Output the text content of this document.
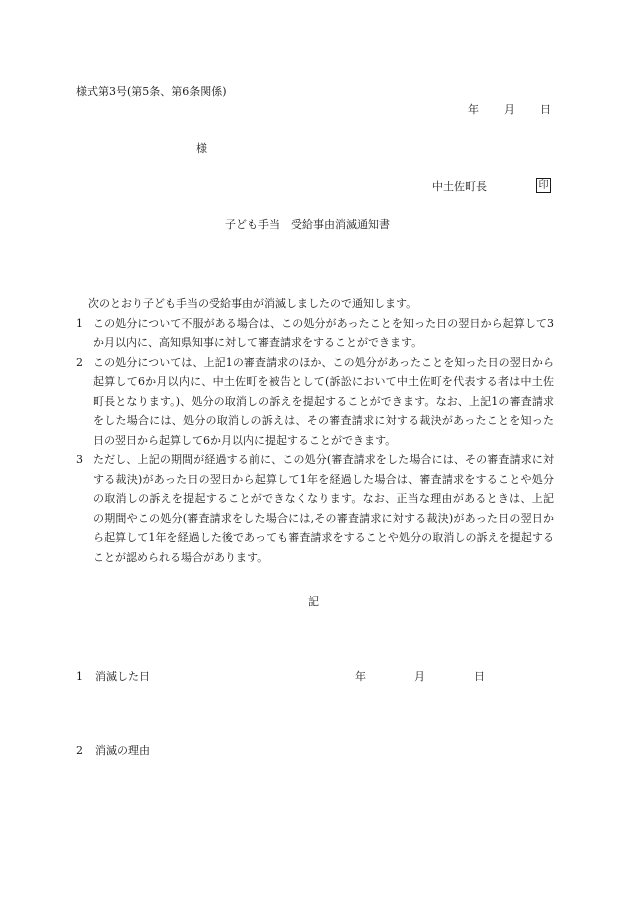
様式第3号(第5条、第6条関係)
年 月 日
様
中土佐町長	印
子ども手当　受給事由消滅通知書

次のとおり子ども手当の受給事由が消滅しましたので通知します。

1 この処分について不服がある場合は、この処分があったことを知った日の翌日から起算して3か月以内に、高知県知事に対して審査請求をすることができます。
2 この処分については、上記1の審査請求のほか、この処分があったことを知った日の翌日から起算して6か月以内に、中土佐町を被告として(訴訟において中土佐町を代表する者は中土佐町長となります。)、処分の取消しの訴えを提起することができます。なお、上記1の審査請求をした場合には、処分の取消しの訴えは、その審査請求に対する裁決があったことを知った日の翌日から起算して6か月以内に提起することができます。
3 ただし、上記の期間が経過する前に、この処分(審査請求をした場合には、その審査請求に対する裁決)があった日の翌日から起算して1年を経過した場合は、審査請求をすることや処分の取消しの訴えを提起することができなくなります。なお、正当な理由があるときは、上記の期間やこの処分(審査請求をした場合には,その審査請求に対する裁決)があった日の翌日から起算して1年を経過した後であっても審査請求をすることや処分の取消しの訴えを提起することが認められる場合があります。
記
1 消滅した日	年	月	日
2 消滅の理由
